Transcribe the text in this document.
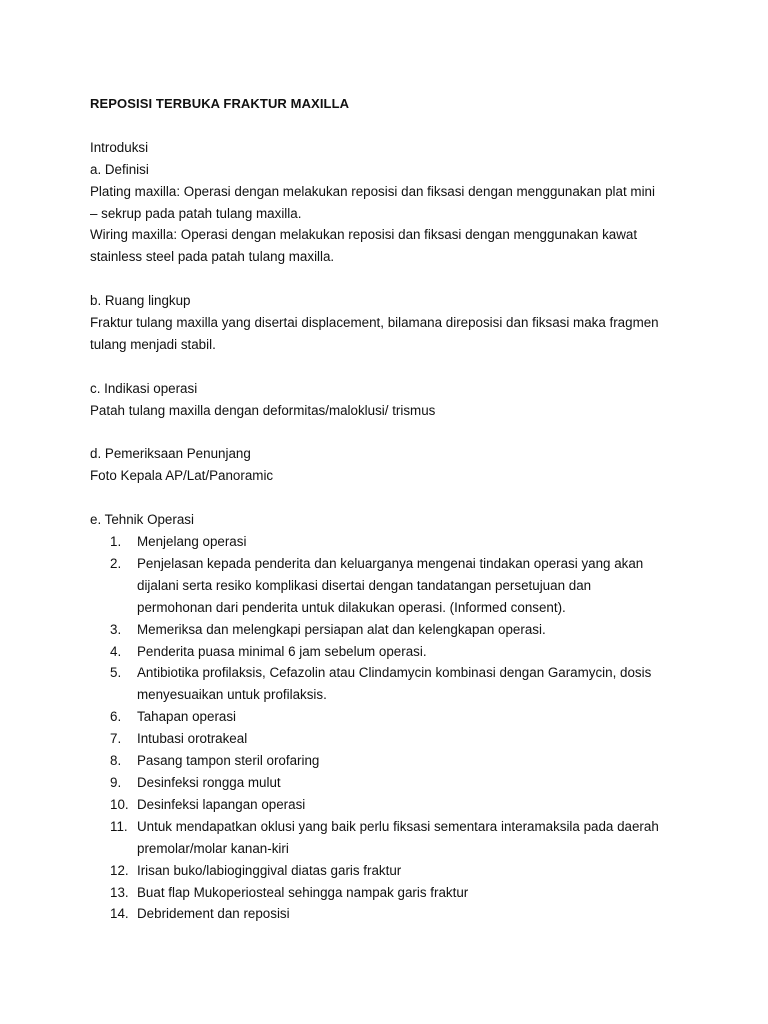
REPOSISI TERBUKA FRAKTUR MAXILLA
Introduksi
a. Definisi
Plating maxilla: Operasi dengan melakukan reposisi dan fiksasi dengan menggunakan plat mini
– sekrup pada patah tulang maxilla.
Wiring maxilla: Operasi dengan melakukan reposisi dan fiksasi dengan menggunakan kawat
stainless steel pada patah tulang maxilla.
b. Ruang lingkup
Fraktur tulang maxilla yang disertai displacement, bilamana direposisi dan fiksasi maka fragmen
tulang menjadi stabil.
c. Indikasi operasi
Patah tulang maxilla dengan deformitas/maloklusi/ trismus
d. Pemeriksaan Penunjang
Foto Kepala AP/Lat/Panoramic
e. Tehnik Operasi
1.	Menjelang operasi
2.	Penjelasan kepada penderita dan keluarganya mengenai tindakan operasi yang akan
dijalani serta resiko komplikasi disertai dengan tandatangan persetujuan dan
permohonan dari penderita untuk dilakukan operasi. (Informed consent).
3.	Memeriksa dan melengkapi persiapan alat dan kelengkapan operasi.
4.	Penderita puasa minimal 6 jam sebelum operasi.
5.	Antibiotika profilaksis, Cefazolin atau Clindamycin kombinasi dengan Garamycin, dosis
menyesuaikan untuk profilaksis.
6.	Tahapan operasi
7.	Intubasi orotrakeal
8.	Pasang tampon steril orofaring
9.	Desinfeksi rongga mulut
10. Desinfeksi lapangan operasi
11. Untuk mendapatkan oklusi yang baik perlu fiksasi sementara interamaksila pada daerah
premolar/molar kanan-kiri
12. Irisan buko/labioginggival diatas garis fraktur
13. Buat flap Mukoperiosteal sehingga nampak garis fraktur
14. Debridement dan reposisi
